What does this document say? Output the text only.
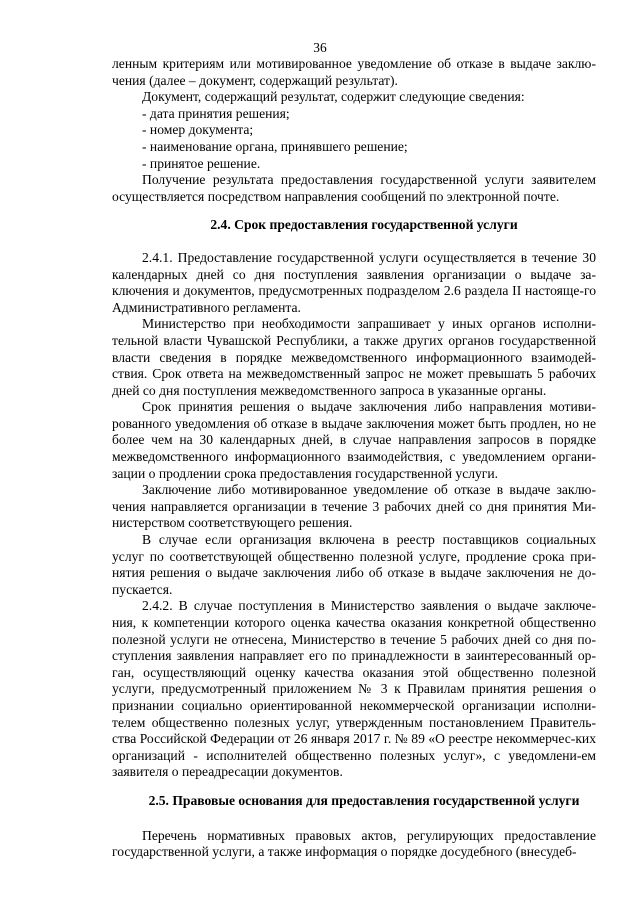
36

ленным критериям или мотивированное уведомление об отказе в выдаче заклю-чения (далее – документ, содержащий результат).

Документ, содержащий результат, содержит следующие сведения:

- дата принятия решения;

- номер документа;

- наименование органа, принявшего решение;

- принятое решение.

Получение результата предоставления государственной услуги заявителем осуществляется посредством направления сообщений по электронной почте.

2.4. Срок предоставления государственной услуги

2.4.1. Предоставление государственной услуги осуществляется в течение 30 календарных дней со дня поступления заявления организации о выдаче за-ключения и документов, предусмотренных подразделом 2.6 раздела II настояще-го Административного регламента.

Министерство при необходимости запрашивает у иных органов исполни-тельной власти Чувашской Республики, а также других органов государственной власти сведения в порядке межведомственного информационного взаимодей-ствия. Срок ответа на межведомственный запрос не может превышать 5 рабочих дней со дня поступления межведомственного запроса в указанные органы.

Срок принятия решения о выдаче заключения либо направления мотиви-рованного уведомления об отказе в выдаче заключения может быть продлен, но не более чем на 30 календарных дней, в случае направления запросов в порядке межведомственного информационного взаимодействия, с уведомлением органи-зации о продлении срока предоставления государственной услуги.

Заключение либо мотивированное уведомление об отказе в выдаче заклю-чения направляется организации в течение 3 рабочих дней со дня принятия Ми-нистерством соответствующего решения.

В случае если организация включена в реестр поставщиков социальных услуг по соответствующей общественно полезной услуге, продление срока при-нятия решения о выдаче заключения либо об отказе в выдаче заключения не до-пускается.

2.4.2. В случае поступления в Министерство заявления о выдаче заключе-ния, к компетенции которого оценка качества оказания конкретной общественно полезной услуги не отнесена, Министерство в течение 5 рабочих дней со дня по-ступления заявления направляет его по принадлежности в заинтересованный ор-ган, осуществляющий оценку качества оказания этой общественно полезной услуги, предусмотренный приложением № 3 к Правилам принятия решения о признании социально ориентированной некоммерческой организации исполни-телем общественно полезных услуг, утвержденным постановлением Правитель-ства Российской Федерации от 26 января 2017 г. № 89 «О реестре некоммерчес-ких организаций - исполнителей общественно полезных услуг», с уведомлени-ем заявителя о переадресации документов.

2.5. Правовые основания для предоставления государственной услуги

Перечень нормативных правовых актов, регулирующих предоставление государственной услуги, а также информация о порядке досудебного (внесудеб-
